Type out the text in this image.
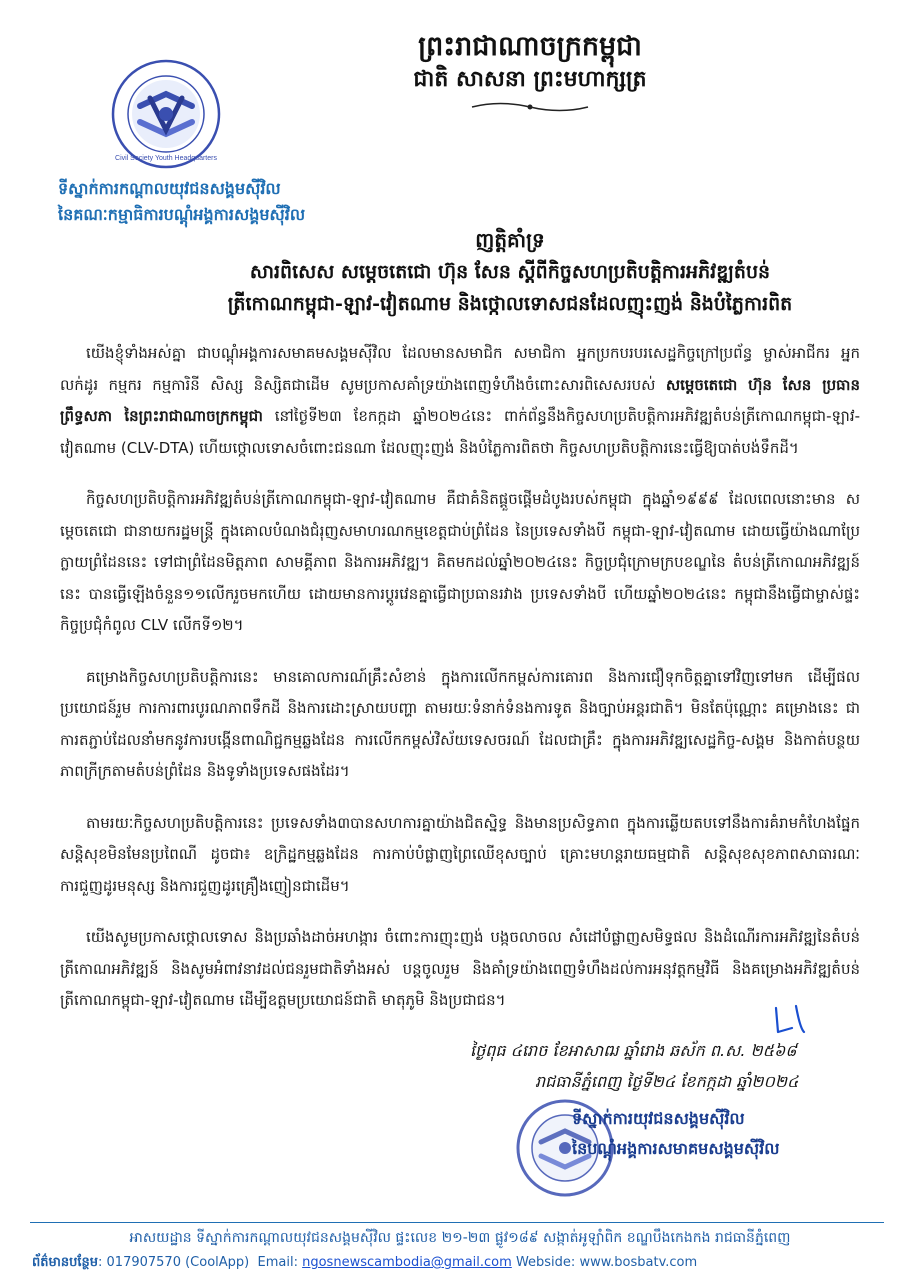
ព្រះរាជាណាចក្រកម្ពុជា
ជាតិ សាសនា ព្រះមហាក្សត្រ
Civil Society Youth Headquarters
ទីស្នាក់ការកណ្តាលយុវជនសង្គមស៊ីវិល
នៃគណៈកម្មាធិការបណ្តុំអង្គការសង្គមស៊ីវិល
ញត្តិគាំទ្រ
សារពិសេស សម្តេចតេជោ ហ៊ុន សែន ស្តីពីកិច្ចសហប្រតិបត្តិការអភិវឌ្ឍតំបន់
ត្រីកោណកម្ពុជា-ឡាវ-វៀតណាម និងថ្កោលទោសជនដែលញុះញង់ និងបំភ្លៃការពិត

យើងខ្ញុំទាំងអស់គ្នា ជាបណ្តុំអង្គការសមាគមសង្គមស៊ីវិល ដែលមានសមាជិក សមាជិកា អ្នកប្រកបរបរសេដ្ឋកិច្ចក្រៅប្រព័ន្ធ ម្ចាស់អាជីករ អ្នកលក់ដូរ កម្មករ កម្មការិនី សិស្ស និស្សិតជាដើម សូមប្រកាសគាំទ្រយ៉ាងពេញទំហឹងចំពោះសារពិសេសរបស់ សម្តេចតេជោ ហ៊ុន សែន ប្រធានព្រឹទ្ធសភា នៃព្រះរាជាណាចក្រកម្ពុជា នៅថ្ងៃទី២៣ ខែកក្កដា ឆ្នាំ២០២៤នេះ ពាក់ព័ន្ធនឹងកិច្ចសហប្រតិបត្តិការអភិវឌ្ឍតំបន់ត្រីកោណកម្ពុជា-ឡាវ-វៀតណាម (CLV-DTA) ហើយថ្កោលទោសចំពោះជនណា ដែលញុះញង់ និងបំភ្លៃការពិតថា កិច្ចសហប្រតិបត្តិការនេះធ្វើឱ្យបាត់បង់ទឹកដី។

កិច្ចសហប្រតិបត្តិការអភិវឌ្ឍតំបន់ត្រីកោណកម្ពុជា-ឡាវ-វៀតណាម គឺជាគំនិតផ្តួចផ្តើមដំបូងរបស់កម្ពុជា ក្នុងឆ្នាំ១៩៩៩ ដែលពេលនោះមាន សម្តេចតេជោ ជានាយករដ្ឋមន្ត្រី ក្នុងគោលបំណងជំរុញសមាហរណកម្មខេត្តជាប់ព្រំដែន នៃប្រទេសទាំងបី កម្ពុជា-ឡាវ-វៀតណាម ដោយធ្វើយ៉ាងណាប្រែក្លាយព្រំដែននេះ ទៅជាព្រំដែនមិត្តភាព សាមគ្គីភាព និងការអភិវឌ្ឍ។ គិតមកដល់ឆ្នាំ២០២៤នេះ កិច្ចប្រជុំក្រោមក្របខណ្ឌនៃ តំបន់ត្រីកោណអភិវឌ្ឍន៍នេះ បានធ្វើឡើងចំនួន១១លើករួចមកហើយ ដោយមានការប្តូរវេនគ្នាធ្វើជាប្រធានរវាង ប្រទេសទាំងបី ហើយឆ្នាំ២០២៤នេះ កម្ពុជានឹងធ្វើជាម្ចាស់ផ្ទះកិច្ចប្រជុំកំពូល CLV លើកទី១២។

គម្រោងកិច្ចសហប្រតិបត្តិការនេះ មានគោលការណ៍គ្រឹះសំខាន់ ក្នុងការលើកកម្ពស់ការគោរព និងការជឿទុកចិត្តគ្នាទៅវិញទៅមក ដើម្បីផលប្រយោជន៍រួម ការការពារបូរណភាពទឹកដី និងការដោះស្រាយបញ្ហា តាមរយៈទំនាក់ទំនងការទូត និងច្បាប់អន្តរជាតិ។ មិនតែប៉ុណ្ណោះ គម្រោងនេះ ជាការតភ្ជាប់ដែលនាំមកនូវការបង្កើនពាណិជ្ជកម្មឆ្លងដែន ការលើកកម្ពស់វិស័យទេសចរណ៍ ដែលជាគ្រឹះ ក្នុងការអភិវឌ្ឍសេដ្ឋកិច្ច-សង្គម និងកាត់បន្ថយភាពក្រីក្រតាមតំបន់ព្រំដែន និងទូទាំងប្រទេសផងដែរ។

តាមរយៈកិច្ចសហប្រតិបត្តិការនេះ ប្រទេសទាំង៣បានសហការគ្នាយ៉ាងជិតស្និទ្ធ និងមានប្រសិទ្ធភាព ក្នុងការឆ្លើយតបទៅនឹងការគំរាមកំហែងផ្នែកសន្តិសុខមិនមែនប្រពៃណី ដូចជា៖ ឧក្រិដ្ឋកម្មឆ្លងដែន ការកាប់បំផ្លាញព្រៃឈើខុសច្បាប់ គ្រោះមហន្តរាយធម្មជាតិ សន្តិសុខសុខភាពសាធារណៈ ការជួញដូរមនុស្ស និងការជួញដូរគ្រឿងញៀនជាដើម។

យើងសូមប្រកាសថ្កោលទោស និងប្រឆាំងដាច់អហង្ការ ចំពោះការញុះញង់ បង្កចលាចល សំដៅបំផ្លាញសមិទ្ធផល និងដំណើរការអភិវឌ្ឍនៃតំបន់ត្រីកោណអភិវឌ្ឍន៍ និងសូមអំពាវនាវដល់ជនរួមជាតិទាំងអស់ បន្តចូលរួម និងគាំទ្រយ៉ាងពេញទំហឹងដល់ការអនុវត្តកម្មវិធី និងគម្រោងអភិវឌ្ឍតំបន់ត្រីកោណកម្ពុជា-ឡាវ-វៀតណាម ដើម្បីឧត្តមប្រយោជន៍ជាតិ មាតុភូមិ និងប្រជាជន។

ថ្ងៃពុធ ៤រោច ខែអាសាឍ ឆ្នាំរោង ឆស័ក ព.ស. ២៥៦៨
រាជធានីភ្នំពេញ ថ្ងៃទី២៤ ខែកក្កដា ឆ្នាំ២០២៤
ទីស្នាក់ការយុវជនសង្គមស៊ីវិល
នៃបណ្តុំអង្គការសមាគមសង្គមស៊ីវិល
អាសយដ្ឋាន ទីស្នាក់ការកណ្តាលយុវជនសង្គមស៊ីវិល ផ្ទះលេខ ២១-២៣ ផ្លូវ១៨៩ សង្កាត់អូឡាំពិក ខណ្ឌបឹងកេងកង រាជធានីភ្នំពេញ
ព័ត៌មានបន្ថែម: 017907570 (CoolApp) Email: ngosnewscambodia@gmail.com Webside: www.bosbatv.com
